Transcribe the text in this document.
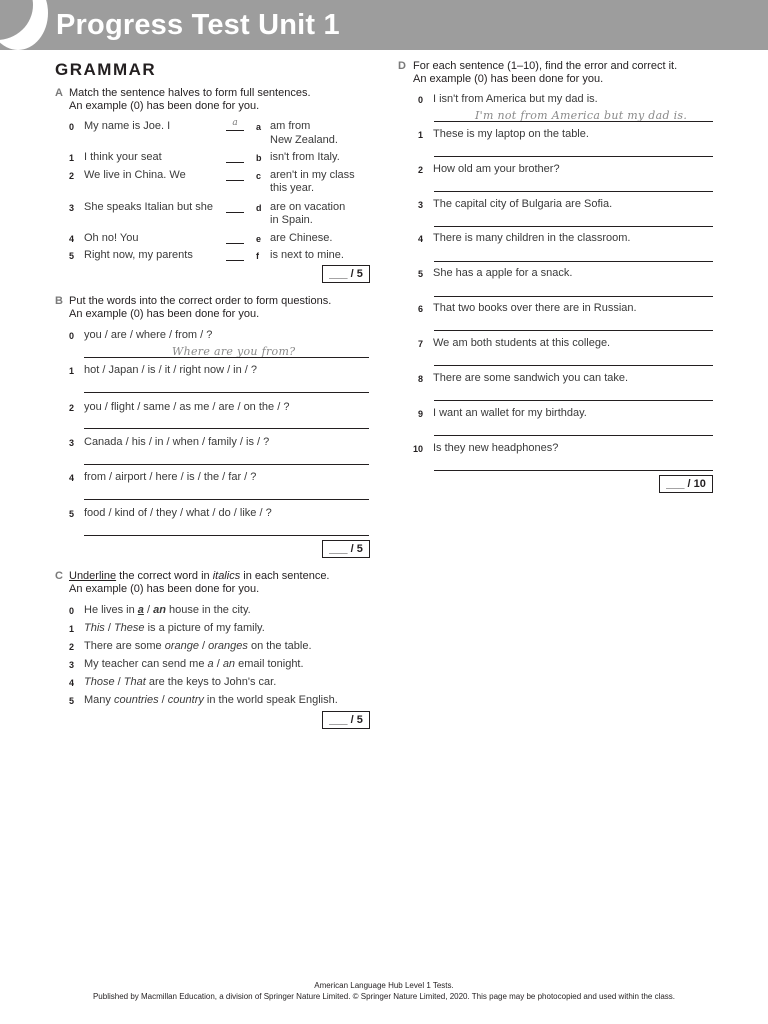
Progress Test Unit 1
GRAMMAR
A Match the sentence halves to form full sentences.
An example (0) has been done for you.
0 My name is Joe. I	a
1 I think your seat
2 We live in China. We
3 She speaks Italian but she
4 Oh no! You
5 Right now, my parents
a am from
New Zealand.
b isn't from Italy.
c aren't in my class
this year.
d are on vacation
in Spain.
e are Chinese.
f is next to mine.
___ / 5
B Put the words into the correct order to form questions.
An example (0) has been done for you.
0 you / are / where / from / ?
Where are you from?
1 hot / Japan / is / it / right now / in / ?
2 you / flight / same / as me / are / on the / ?
3 Canada / his / in / when / family / is / ?
4 from / airport / here / is / the / far / ?
5 food / kind of / they / what / do / like / ?
___ / 5
C Underline the correct word in italics in each sentence.
An example (0) has been done for you.
0 He lives in a / an house in the city.
1 This / These is a picture of my family.
2 There are some orange / oranges on the table.
3 My teacher can send me a / an email tonight.
4 Those / That are the keys to John's car.
5 Many countries / country in the world speak English.
___ / 5
D For each sentence (1–10), find the error and correct it.
An example (0) has been done for you.
0 I isn't from America but my dad is.
I'm not from America but my dad is.
1 These is my laptop on the table.
2 How old am your brother?
3 The capital city of Bulgaria are Sofia.
4 There is many children in the classroom.
5 She has a apple for a snack.
6 That two books over there are in Russian.
7 We am both students at this college.
8 There are some sandwich you can take.
9 I want an wallet for my birthday.
10 Is they new headphones?
___ / 10
American Language Hub Level 1 Tests.
Published by Macmillan Education, a division of Springer Nature Limited. © Springer Nature Limited, 2020. This page may be photocopied and used within the class.
